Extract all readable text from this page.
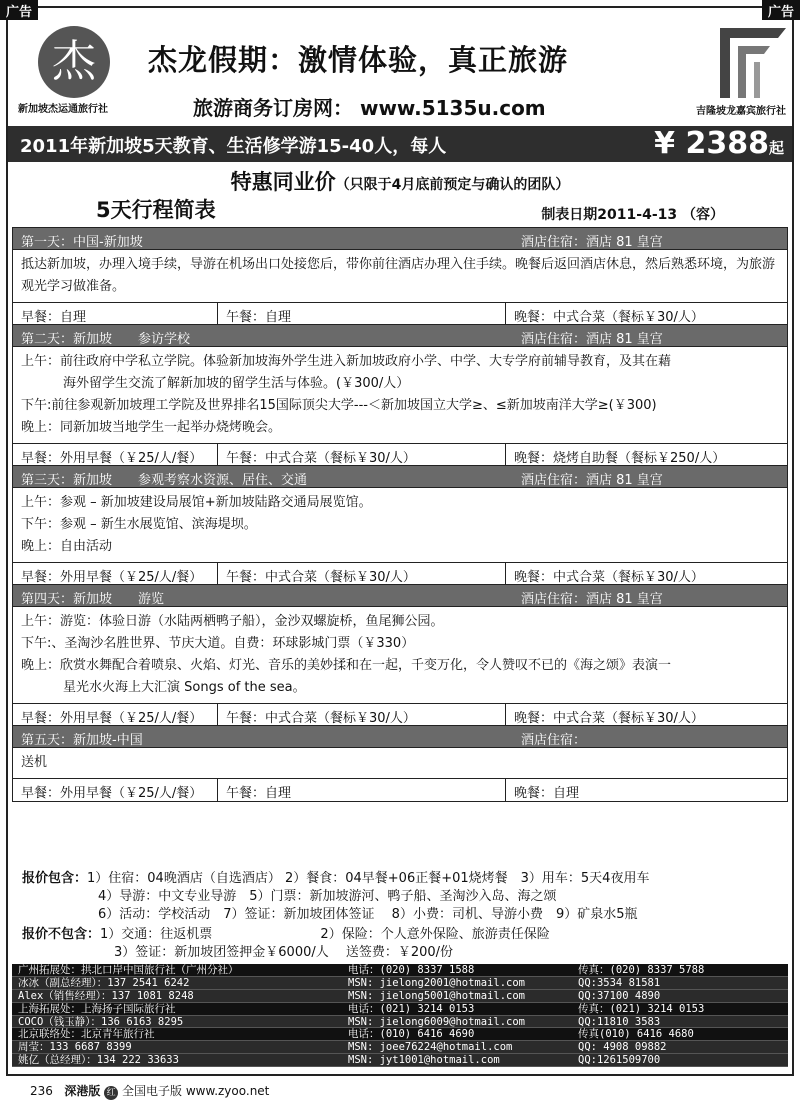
广告	广告
杰
新加坡杰运通旅行社
杰龙假期：激情体验，真正旅游
旅游商务订房网： www.5135u.com	吉隆坡龙嘉宾旅行社
2011年新加坡5天教育、生活修学游15-40人，每人	¥ 2388起
特惠同业价（只限于4月底前预定与确认的团队）
5天行程简表	制表日期2011-4-13 （容）
第一天：中国-新加坡	酒店住宿：酒店 81 皇宫
抵达新加坡，办理入境手续，导游在机场出口处接您后，带你前往酒店办理入住手续。晚餐后返回酒店休息，然后熟悉环境，为旅游观光学习做准备。
早餐：自理	午餐：自理	晚餐：中式合菜（餐标￥30/人）
第二天：新加坡　　参访学校	酒店住宿：酒店 81 皇宫
上午：前往政府中学私立学院。体验新加坡海外学生进入新加坡政府小学、中学、大专学府前辅导教育，及其在藉
海外留学生交流了解新加坡的留学生活与体验。(￥300/人）
下午:前往参观新加坡理工学院及世界排名15国际顶尖大学---＜新加坡国立大学≥、≤新加坡南洋大学≥(￥300)
晚上：同新加坡当地学生一起举办烧烤晚会。
早餐：外用早餐（￥25/人/餐）	午餐：中式合菜（餐标￥30/人）	晚餐：烧烤自助餐（餐标￥250/人）
第三天：新加坡　　参观考察水资源、居住、交通	酒店住宿：酒店 81 皇宫
上午：参观 – 新加坡建设局展馆+新加坡陆路交通局展览馆。
下午：参观 – 新生水展览馆、滨海堤坝。
晚上：自由活动
早餐：外用早餐（￥25/人/餐）	午餐：中式合菜（餐标￥30/人）	晚餐：中式合菜（餐标￥30/人）
第四天：新加坡　　游览	酒店住宿：酒店 81 皇宫
上午：游览：体验日游（水陆两栖鸭子船），金沙双螺旋桥，鱼尾狮公园。
下午:、圣淘沙名胜世界、节庆大道。自费：环球影城门票（￥330）
晚上：欣赏水舞配合着喷泉、火焰、灯光、音乐的美妙揉和在一起，千变万化，令人赞叹不已的《海之颂》表演一
星光水火海上大汇演 Songs of the sea。
早餐：外用早餐（￥25/人/餐）	午餐：中式合菜（餐标￥30/人）	晚餐：中式合菜（餐标￥30/人）
第五天：新加坡-中国	酒店住宿：
送机
早餐：外用早餐（￥25/人/餐）	午餐：自理	晚餐：自理
报价包含：1）住宿：04晚酒店（自选酒店） 2）餐食：04早餐+06正餐+01烧烤餐　3）用车：5天4夜用车
4）导游：中文专业导游　5）门票：新加坡游河、鸭子船、圣淘沙入岛、海之颂
6）活动：学校活动　7）签证：新加坡团体签证　 8）小费：司机、导游小费　9）矿泉水5瓶
报价不包含：1）交通：往返机票　　　　　　　　 2）保险：个人意外保险、旅游责任保险
3）签证：新加坡团签押金￥6000/人　 送签费：￥200/份
广州拓展处：拱北口岸中国旅行社（广州分社）	电话：(020) 8337 1588	传真：(020) 8337 5788
冰冰（副总经理）：137 2541 6242	MSN: jielong2001@hotmail.com	QQ:3534 81581
Alex（销售经理）：137 1081 8248	MSN: jielong5001@hotmail.com	QQ:37100 4890
上海拓展处：上海扬子国际旅行社	电话：(021) 3214 0153	传真：(021) 3214 0153
COCO（钱玉静）：136 6163 8295	MSN: jielong6009@hotmail.com	QQ:11810 3583
北京联络处：北京青年旅行社	电话：(010) 6416 4690	传真(010) 6416 4680
周莹：133 6687 8399	MSN: joee76224@hotmail.com	QQ: 4908 09882
姚亿（总经理）：134 222 33633	MSN: jyt1001@hotmail.com	QQ:1261509700
236 深港版 红 全国电子版 www.zyoo.net
